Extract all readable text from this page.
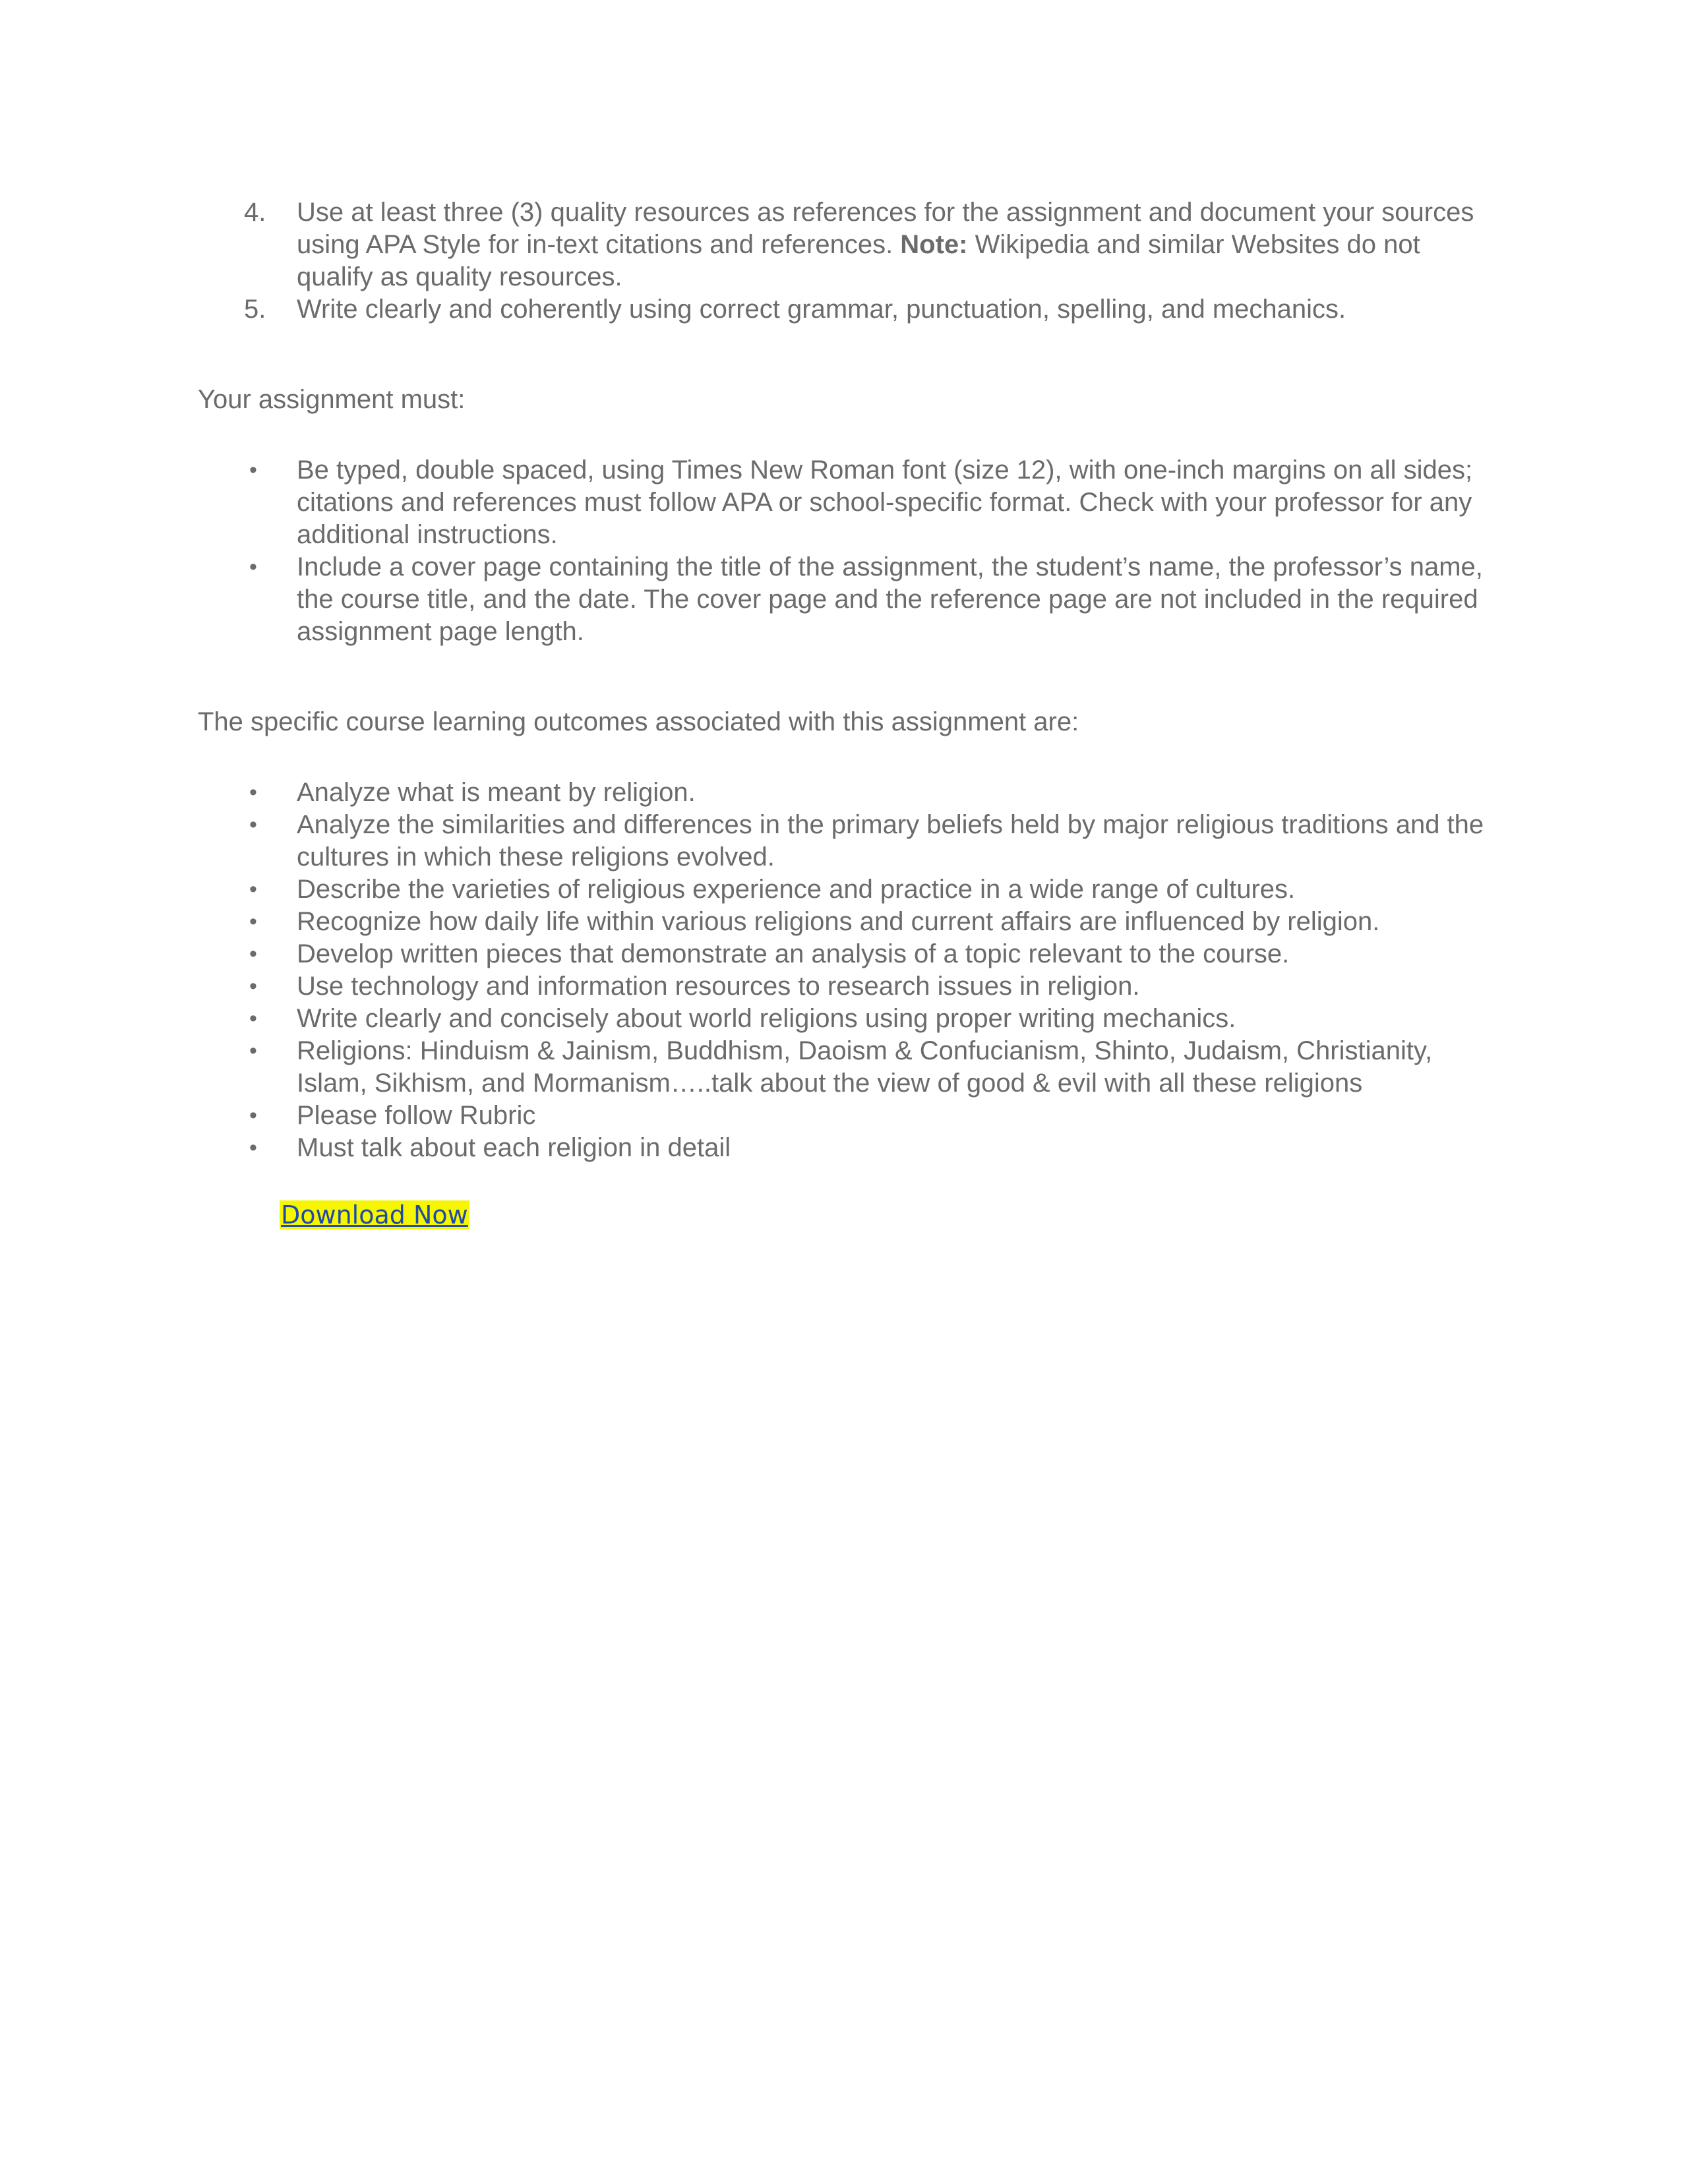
4. Use at least three (3) quality resources as references for the assignment and document your sources using APA Style for in-text citations and references. Note: Wikipedia and similar Websites do not qualify as quality resources.
5. Write clearly and coherently using correct grammar, punctuation, spelling, and mechanics.

Your assignment must:

• Be typed, double spaced, using Times New Roman font (size 12), with one-inch margins on all sides; citations and references must follow APA or school-specific format. Check with your professor for any additional instructions.
• Include a cover page containing the title of the assignment, the student’s name, the professor’s name, the course title, and the date. The cover page and the reference page are not included in the required assignment page length.

The specific course learning outcomes associated with this assignment are:

• Analyze what is meant by religion.
• Analyze the similarities and differences in the primary beliefs held by major religious traditions and the cultures in which these religions evolved.
• Describe the varieties of religious experience and practice in a wide range of cultures.
• Recognize how daily life within various religions and current affairs are influenced by religion.
• Develop written pieces that demonstrate an analysis of a topic relevant to the course.
• Use technology and information resources to research issues in religion.
• Write clearly and concisely about world religions using proper writing mechanics.
• Religions: Hinduism & Jainism, Buddhism, Daoism & Confucianism, Shinto, Judaism, Christianity, Islam, Sikhism, and Mormanism…..talk about the view of good & evil with all these religions
• Please follow Rubric
• Must talk about each religion in detail
Download Now
